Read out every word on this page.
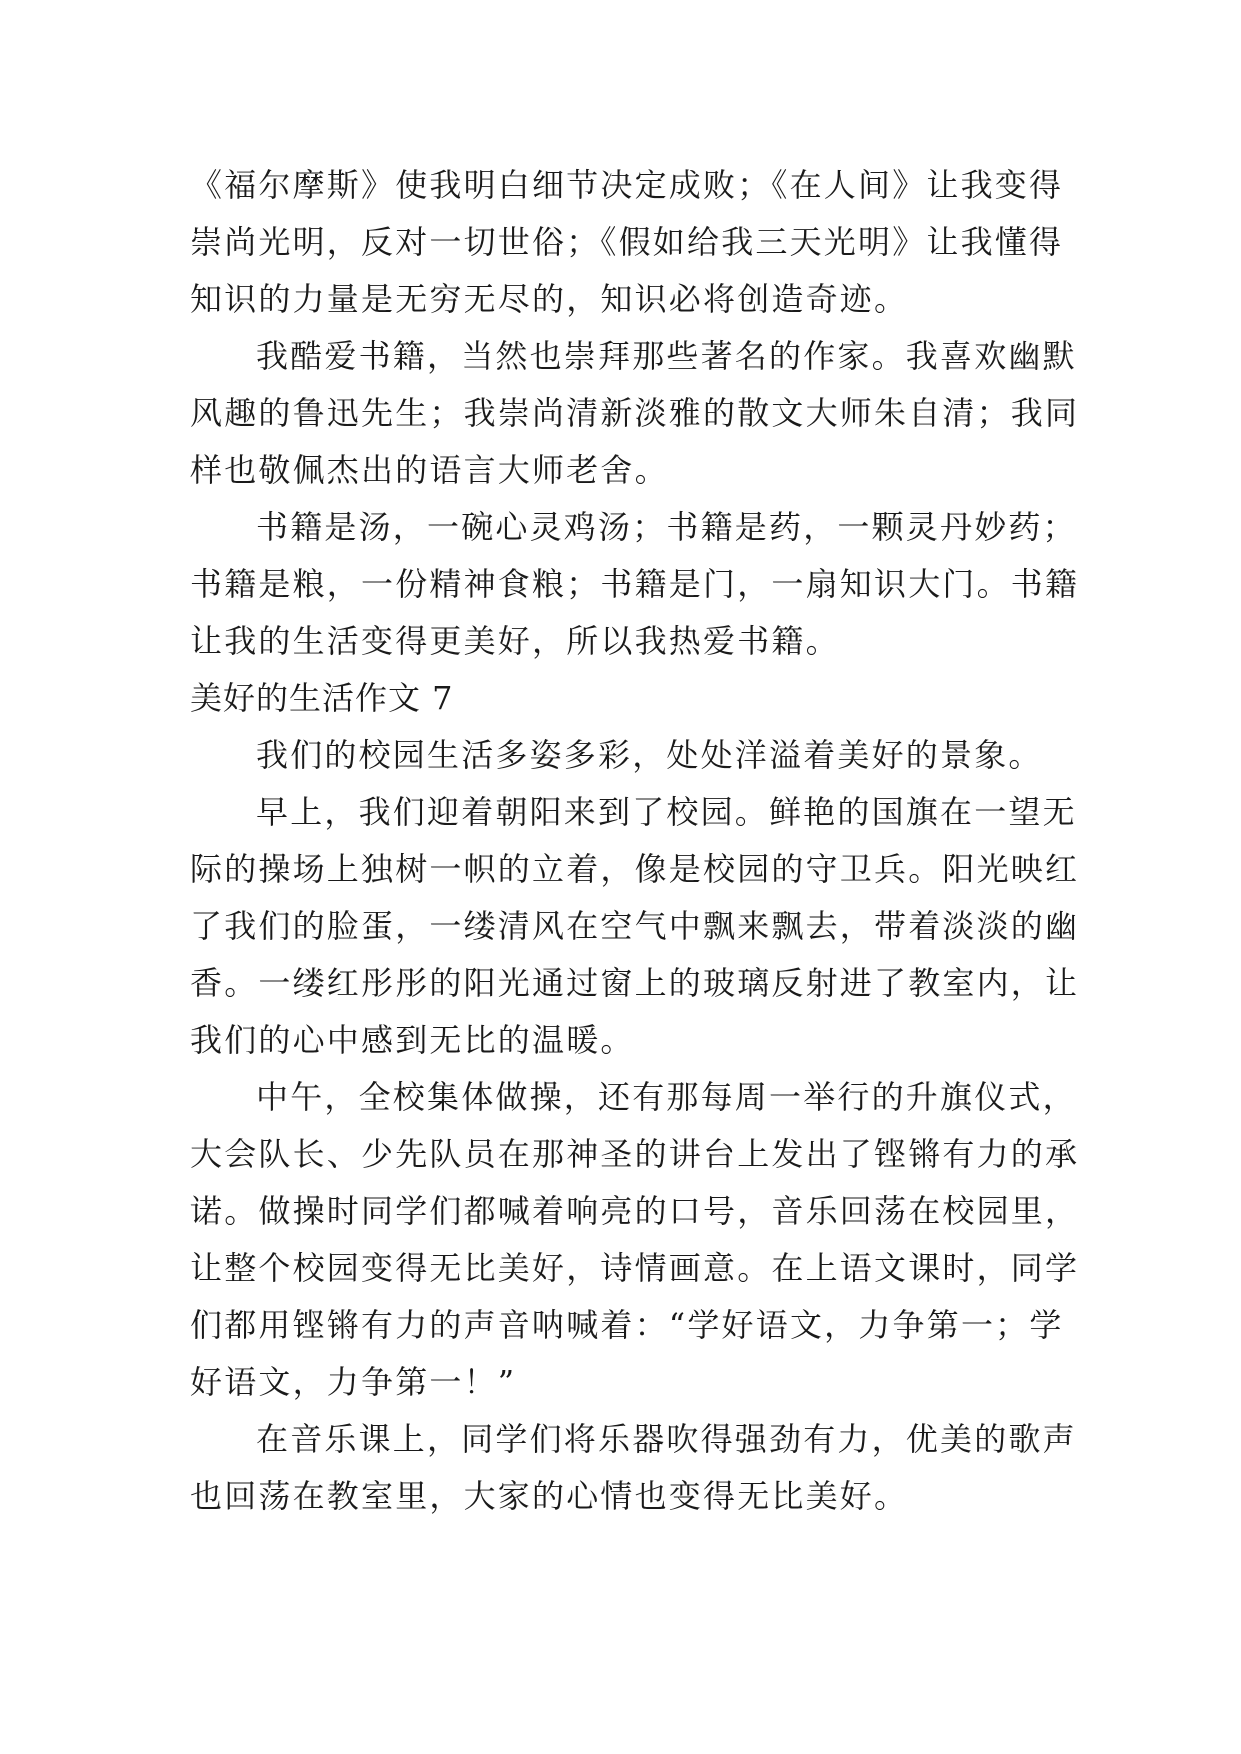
《福尔摩斯》使我明白细节决定成败；《在人间》让我变得
崇尚光明，反对一切世俗；《假如给我三天光明》让我懂得
知识的力量是无穷无尽的，知识必将创造奇迹。
我酷爱书籍，当然也崇拜那些著名的作家。我喜欢幽默
风趣的鲁迅先生；我崇尚清新淡雅的散文大师朱自清；我同
样也敬佩杰出的语言大师老舍。
书籍是汤，一碗心灵鸡汤；书籍是药，一颗灵丹妙药；
书籍是粮，一份精神食粮；书籍是门，一扇知识大门。书籍
让我的生活变得更美好，所以我热爱书籍。
美好的生活作文 7
我们的校园生活多姿多彩，处处洋溢着美好的景象。
早上，我们迎着朝阳来到了校园。鲜艳的国旗在一望无
际的操场上独树一帜的立着，像是校园的守卫兵。阳光映红
了我们的脸蛋，一缕清风在空气中飘来飘去，带着淡淡的幽
香。一缕红彤彤的阳光通过窗上的玻璃反射进了教室内，让
我们的心中感到无比的温暖。
中午，全校集体做操，还有那每周一举行的升旗仪式，
大会队长、少先队员在那神圣的讲台上发出了铿锵有力的承
诺。做操时同学们都喊着响亮的口号，音乐回荡在校园里，
让整个校园变得无比美好，诗情画意。在上语文课时，同学
们都用铿锵有力的声音呐喊着：“学好语文，力争第一；学
好语文，力争第一！”
在音乐课上，同学们将乐器吹得强劲有力，优美的歌声
也回荡在教室里，大家的心情也变得无比美好。
